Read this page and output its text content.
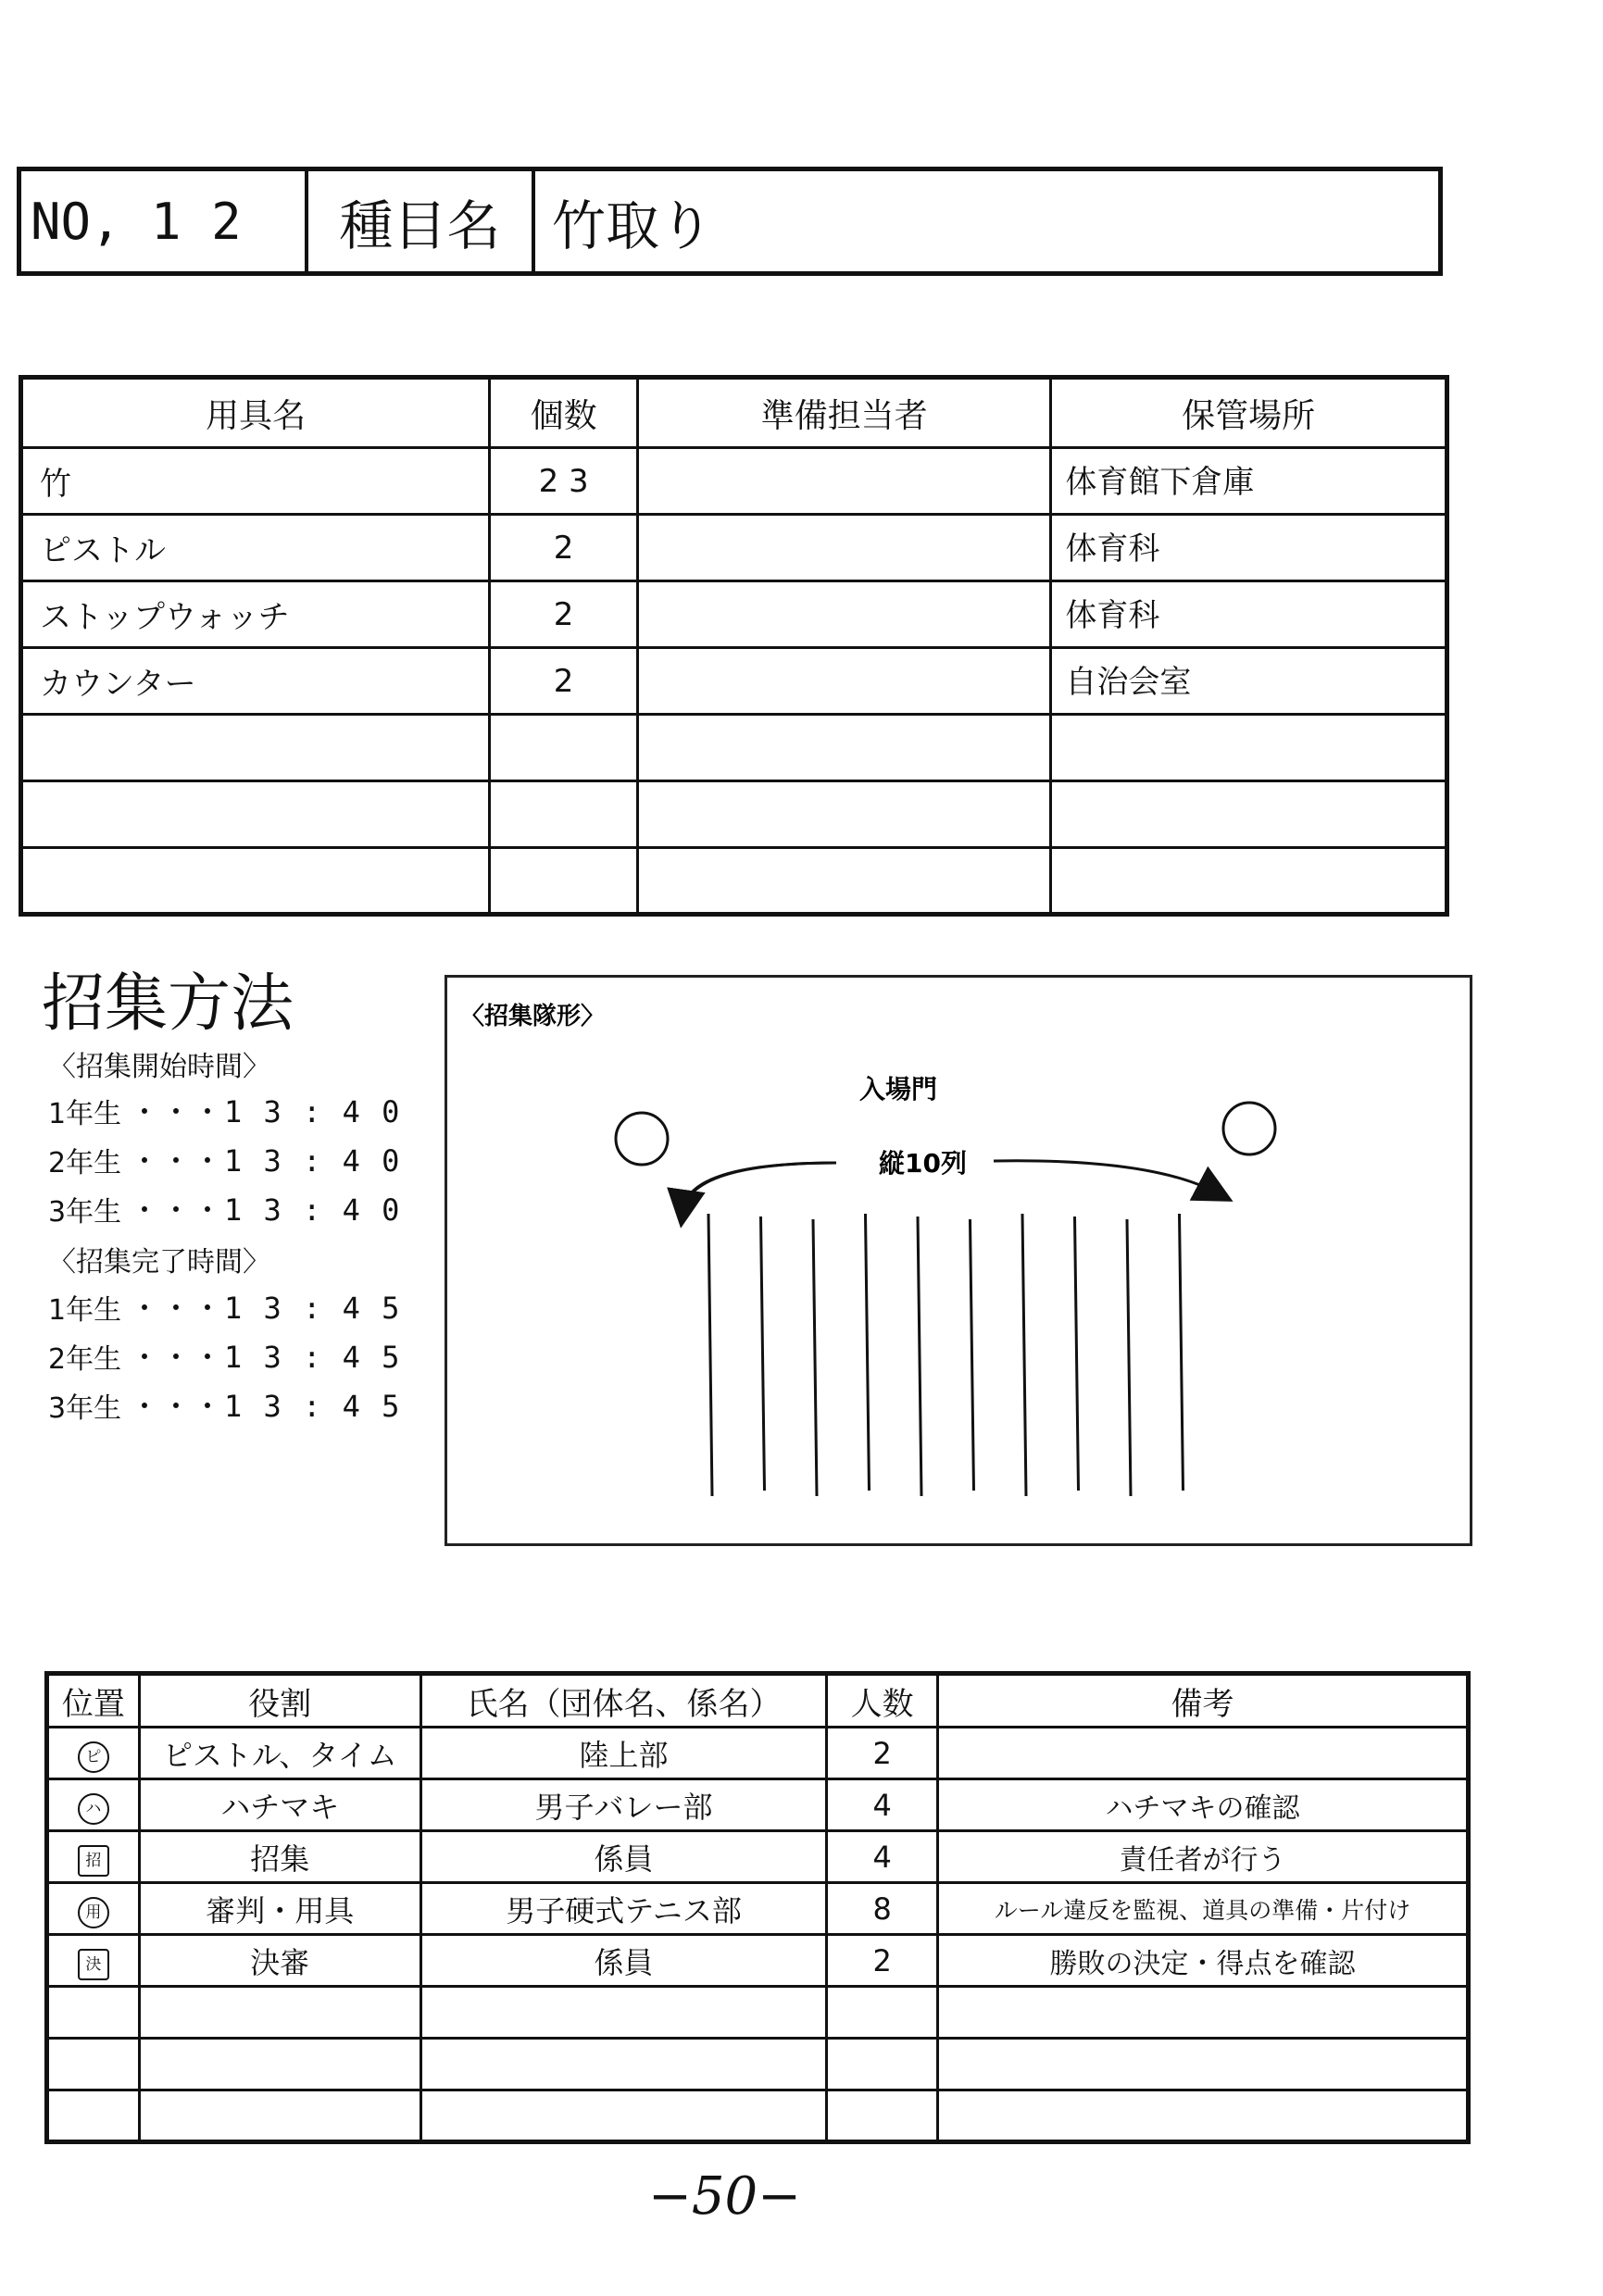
NO, 1 2	種目名 竹取り
用具名	個数	準備担当者	保管場所
竹	2 3		体育館下倉庫
ピストル	2		体育科
ストップウォッチ	2		体育科
カウンター	2		自治会室

招集方法
〈招集開始時間〉
1年生 ・・・1 3 : 4 0
2年生 ・・・1 3 : 4 0
3年生 ・・・1 3 : 4 0
〈招集完了時間〉
1年生 ・・・1 3 : 4 5
2年生 ・・・1 3 : 4 5
3年生 ・・・1 3 : 4 5
〈招集隊形〉
入場門
縦10列
位置	役割	氏名（団体名、係名）	人数	備考
ピ	ピストル、タイム	陸上部	2	
ハ	ハチマキ	男子バレー部	4	ハチマキの確認
招	招集	係員	4	責任者が行う
用	審判・用具	男子硬式テニス部	8	ルール違反を監視、道具の準備・片付け
決	決審	係員	2	勝敗の決定・得点を確認

−50−
